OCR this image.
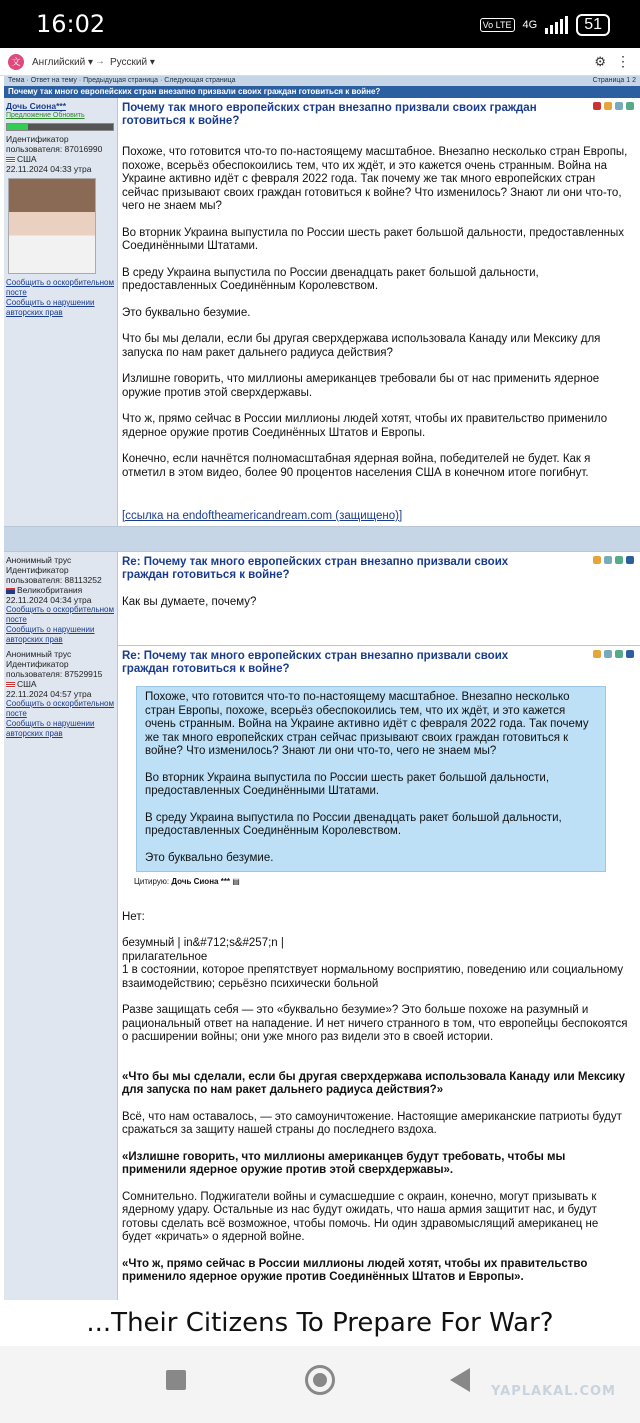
16:02	Vo LTE 4G	51
文	Английский ▾ → Русский ▾	⚙ ⋮
Тема · Ответ на тему · Предыдущая страница · Следующая страница	Страница 1 2
Почему так много европейских стран внезапно призвали своих граждан готовиться к войне?
Дочь Сиона***
Предложение Обновить
Идентификатор пользователя: 87016990
США
22.11.2024 04:33 утра
Сообщить о оскорбительном посте
Сообщить о нарушении авторских прав
Почему так много европейских стран внезапно призвали своих граждан готовиться к войне?

Похоже, что готовится что-то по-настоящему масштабное. Внезапно несколько стран Европы, похоже, всерьёз обеспокоились тем, что их ждёт, и это кажется очень странным. Война на Украине активно идёт с февраля 2022 года. Так почему же так много европейских стран сейчас призывают своих граждан готовиться к войне? Что изменилось? Знают ли они что-то, чего не знаем мы?

Во вторник Украина выпустила по России шесть ракет большой дальности, предоставленных Соединёнными Штатами.

В среду Украина выпустила по России двенадцать ракет большой дальности, предоставленных Соединённым Королевством.

Это буквально безумие.

Что бы мы делали, если бы другая сверхдержава использовала Канаду или Мексику для запуска по нам ракет дальнего радиуса действия?

Излишне говорить, что миллионы американцев требовали бы от нас применить ядерное оружие против этой сверхдержавы.

Что ж, прямо сейчас в России миллионы людей хотят, чтобы их правительство применило ядерное оружие против Соединённых Штатов и Европы.

Конечно, если начнётся полномасштабная ядерная война, победителей не будет. Как я отметил в этом видео, более 90 процентов населения США в конечном итоге погибнут.

[ссылка на endoftheamericandream.com (защищено)]

Анонимный трус
Идентификатор пользователя: 88113252
Великобритания
22.11.2024 04:34 утра
Сообщить о оскорбительном посте
Сообщить о нарушении авторских прав
Re: Почему так много европейских стран внезапно призвали своих граждан готовиться к войне?

Как вы думаете, почему?

Анонимный трус
Идентификатор пользователя: 87529915
США
22.11.2024 04:57 утра
Сообщить о оскорбительном посте
Сообщить о нарушении авторских прав
Re: Почему так много европейских стран внезапно призвали своих граждан готовиться к войне?

Похоже, что готовится что-то по-настоящему масштабное. Внезапно несколько стран Европы, похоже, всерьёз обеспокоились тем, что их ждёт, и это кажется очень странным. Война на Украине активно идёт с февраля 2022 года. Так почему же так много европейских стран сейчас призывают своих граждан готовиться к войне? Что изменилось? Знают ли они что-то, чего не знаем мы?

Во вторник Украина выпустила по России шесть ракет большой дальности, предоставленных Соединёнными Штатами.

В среду Украина выпустила по России двенадцать ракет большой дальности, предоставленных Соединённым Королевством.

Это буквально безумие.

Цитирую: Дочь Сиона *** ▤

Нет:

безумный | in&#712;s&#257;n |

прилагательное
1 в состоянии, которое препятствует нормальному восприятию, поведению или социальному взаимодействию; серьёзно психически больной

Разве защищать себя — это «буквально безумие»? Это больше похоже на разумный и рациональный ответ на нападение. И нет ничего странного в том, что европейцы беспокоятся о расширении войны; они уже много раз видели это в своей истории.

«Что бы мы сделали, если бы другая сверхдержава использовала Канаду или Мексику для запуска по нам ракет дальнего радиуса действия?»

Всё, что нам оставалось, — это самоуничтожение. Настоящие американские патриоты будут сражаться за защиту нашей страны до последнего вздоха.

«Излишне говорить, что миллионы американцев будут требовать, чтобы мы применили ядерное оружие против этой сверхдержавы».

Сомнительно. Поджигатели войны и сумасшедшие с окраин, конечно, могут призывать к ядерному удару. Остальные из нас будут ожидать, что наша армия защитит нас, и будут готовы сделать всё возможное, чтобы помочь. Ни один здравомыслящий американец не будет «кричать» о ядерной войне.

«Что ж, прямо сейчас в России миллионы людей хотят, чтобы их правительство применило ядерное оружие против Соединённых Штатов и Европы».

...Their Citizens To Prepare For War?
YAPLAKAL.COM
